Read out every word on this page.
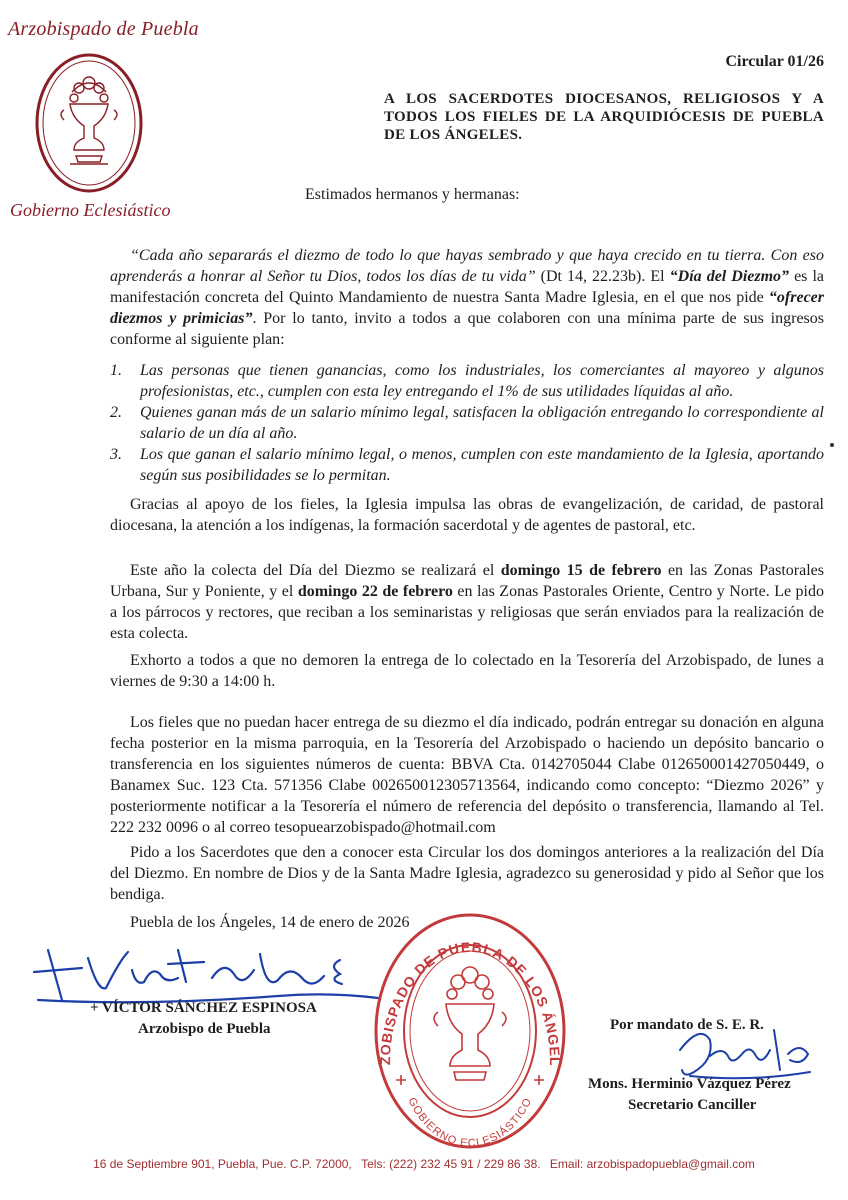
Arzobispado de Puebla
Gobierno Eclesiástico
Circular 01/26
A LOS SACERDOTES DIOCESANOS, RELIGIOSOS Y A TODOS LOS FIELES DE LA ARQUIDIÓCESIS DE PUEBLA DE LOS ÁNGELES.
Estimados hermanos y hermanas:
“Cada año separarás el diezmo de todo lo que hayas sembrado y que haya crecido en tu tierra. Con eso aprenderás a honrar al Señor tu Dios, todos los días de tu vida” (Dt 14, 22.23b). El “Día del Diezmo” es la manifestación concreta del Quinto Mandamiento de nuestra Santa Madre Iglesia, en el que nos pide “ofrecer diezmos y primicias”. Por lo tanto, invito a todos a que colaboren con una mínima parte de sus ingresos conforme al siguiente plan:
1.	Las personas que tienen ganancias, como los industriales, los comerciantes al mayoreo y algunos profesionistas, etc., cumplen con esta ley entregando el 1% de sus utilidades líquidas al año.
2.	Quienes ganan más de un salario mínimo legal, satisfacen la obligación entregando lo correspondiente al salario de un día al año.
3.	Los que ganan el salario mínimo legal, o menos, cumplen con este mandamiento de la Iglesia, aportando según sus posibilidades se lo permitan.
Gracias al apoyo de los fieles, la Iglesia impulsa las obras de evangelización, de caridad, de pastoral diocesana, la atención a los indígenas, la formación sacerdotal y de agentes de pastoral, etc.
Este año la colecta del Día del Diezmo se realizará el domingo 15 de febrero en las Zonas Pastorales Urbana, Sur y Poniente, y el domingo 22 de febrero en las Zonas Pastorales Oriente, Centro y Norte. Le pido a los párrocos y rectores, que reciban a los seminaristas y religiosas que serán enviados para la realización de esta colecta.
Exhorto a todos a que no demoren la entrega de lo colectado en la Tesorería del Arzobispado, de lunes a viernes de 9:30 a 14:00 h.
Los fieles que no puedan hacer entrega de su diezmo el día indicado, podrán entregar su donación en alguna fecha posterior en la misma parroquia, en la Tesorería del Arzobispado o haciendo un depósito bancario o transferencia en los siguientes números de cuenta: BBVA Cta. 0142705044 Clabe 012650001427050449, o Banamex Suc. 123 Cta. 571356 Clabe 002650012305713564, indicando como concepto: “Diezmo 2026” y posteriormente notificar a la Tesorería el número de referencia del depósito o transferencia, llamando al Tel. 222 232 0096 o al correo tesopuearzobispado@hotmail.com
Pido a los Sacerdotes que den a conocer esta Circular los dos domingos anteriores a la realización del Día del Diezmo. En nombre de Dios y de la Santa Madre Iglesia, agradezco su generosidad y pido al Señor que los bendiga.
Puebla de los Ángeles, 14 de enero de 2026
+ VÍCTOR SÁNCHEZ ESPINOSA
Arzobispo de Puebla
ZOBISPADO DE PUEBLA DE LOS ÁNGEL
GOBIERNO ECLESIÁSTICO
Por mandato de S. E. R.
Mons. Herminio Vázquez Pérez
Secretario Canciller
16 de Septiembre 901, Puebla, Pue. C.P. 72000, Tels: (222) 232 45 91 / 229 86 38. Email: arzobispadopuebla@gmail.com
